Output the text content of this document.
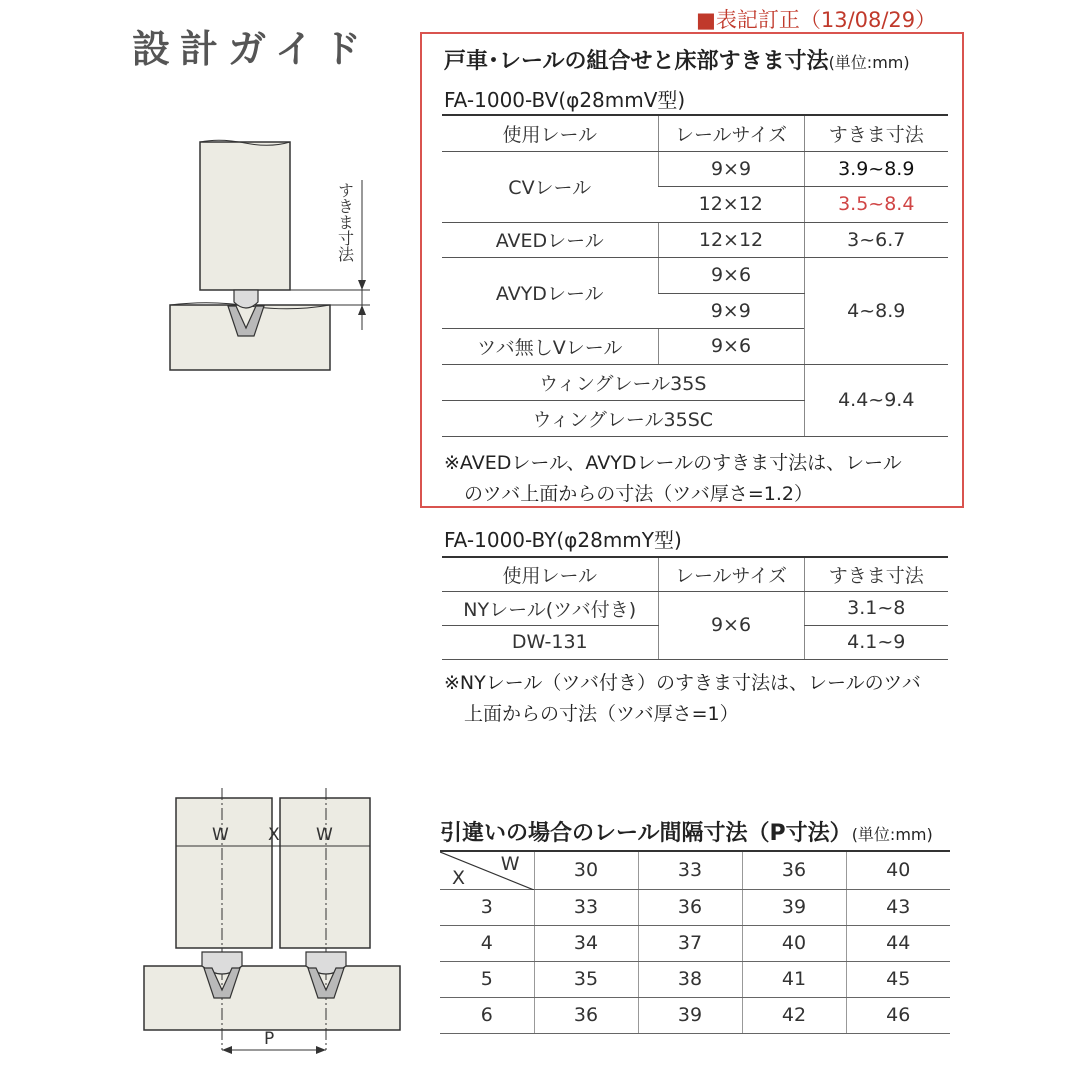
設計ガイド
■表記訂正（13/08/29）
すきま寸法
戸車･レールの組合せと床部すきま寸法(単位:mm)
FA-1000-BV(φ28mmV型)
使用レール	レールサイズ	すきま寸法
CVレール	9×9	3.9~8.9
	12×12	3.5~8.4
AVEDレール	12×12	3~6.7
AVYDレール	9×6	4~8.9
	9×9	
ツバ無しVレール	9×6	
ウィングレール35S		4.4~9.4
ウィングレール35SC		
※AVEDレール、AVYDレールのすきま寸法は、レール
のツバ上面からの寸法（ツバ厚さ=1.2）
FA-1000-BY(φ28mmY型)
使用レール	レールサイズ	すきま寸法
NYレール(ツバ付き)	9×6	3.1~8
DW-131		4.1~9
※NYレール（ツバ付き）のすきま寸法は、レールのツバ
上面からの寸法（ツバ厚さ=1）
W X W
P
引違いの場合のレール間隔寸法（P寸法）(単位:mm)
W
X	30	33	36	40
3	33	36	39	43
4	34	37	40	44
5	35	38	41	45
6	36	39	42	46
